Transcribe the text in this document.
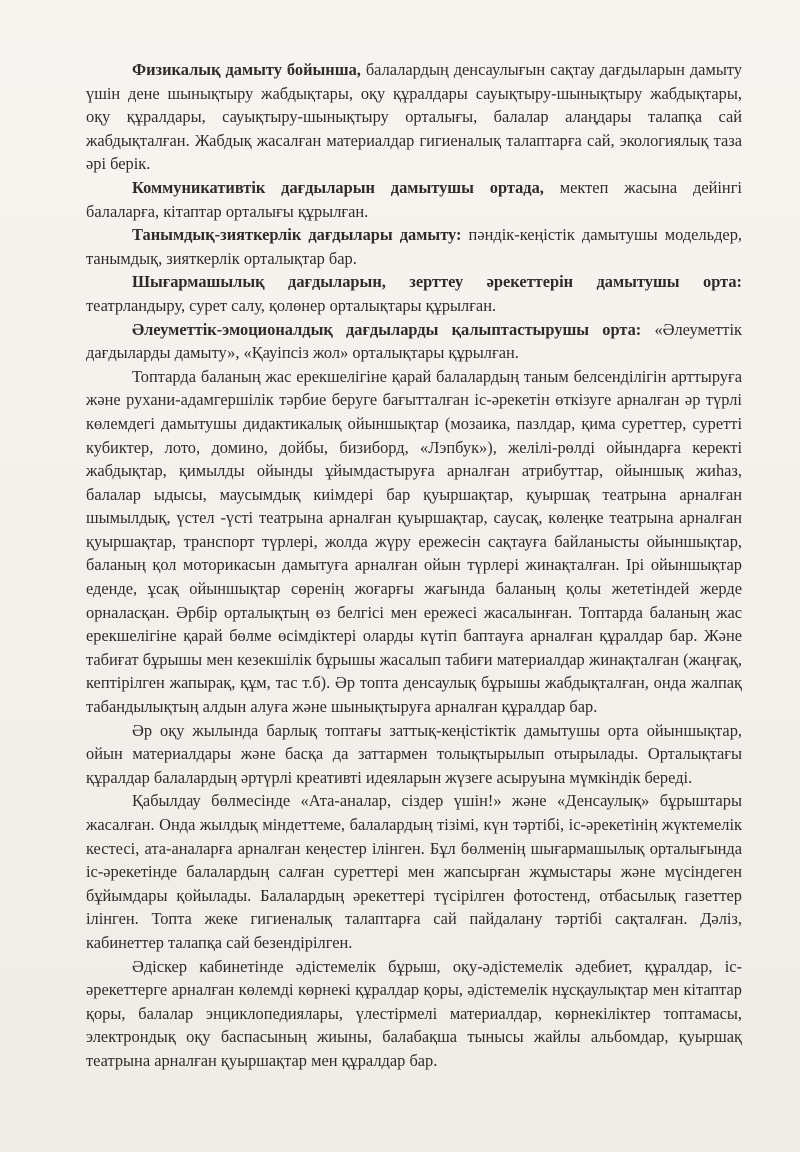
Физикалық дамыту бойынша, балалардың денсаулығын сақтау дағдыларын дамыту үшін дене шынықтыру жабдықтары, оқу құралдары сауықтыру-шынықтыру жабдықтары, оқу құралдары, сауықтыру-шынықтыру орталығы, балалар алаңдары талапқа сай жабдықталған. Жабдық жасалған материалдар гигиеналық талаптарға сай, экологиялық таза әрі берік.

Коммуникативтік дағдыларын дамытушы ортада, мектеп жасына дейінгі балаларға, кітаптар орталығы құрылған.

Танымдық-зияткерлік дағдылары дамыту: пәндік-кеңістік дамытушы модельдер, танымдық, зияткерлік орталықтар бар.

Шығармашылық дағдыларын, зерттеу әрекеттерін дамытушы орта: театрландыру, сурет салу, қолөнер орталықтары құрылған.

Әлеуметтік-эмоционалдық дағдыларды қалыптастырушы орта: «Әлеуметтік дағдыларды дамыту», «Қауіпсіз жол» орталықтары құрылған.

Топтарда баланың жас ерекшелігіне қарай балалардың таным белсенділігін арттыруға және рухани-адамгершілік тәрбие беруге бағытталған іс-әрекетін өткізуге арналған әр түрлі көлемдегі дамытушы дидактикалық ойыншықтар (мозаика, пазлдар, қима суреттер, суретті кубиктер, лото, домино, дойбы, бизиборд, «Лэпбук»), желілі-рөлді ойындарға керекті жабдықтар, қимылды ойынды ұйымдастыруға арналған атрибуттар, ойыншық жиһаз, балалар ыдысы, маусымдық киімдері бар қуыршақтар, қуыршақ театрына арналған шымылдық, үстел -үсті театрына арналған қуыршақтар, саусақ, көлеңке театрына арналған қуыршақтар, транспорт түрлері, жолда жүру ережесін сақтауға байланысты ойыншықтар, баланың қол моторикасын дамытуға арналған ойын түрлері жинақталған. Ірі ойыншықтар еденде, ұсақ ойыншықтар сөренің жоғарғы жағында баланың қолы жететіндей жерде орналасқан. Әрбір орталықтың өз белгісі мен ережесі жасалынған. Топтарда баланың жас ерекшелігіне қарай бөлме өсімдіктері оларды күтіп баптауға арналған құралдар бар. Және табиғат бұрышы мен кезекшілік бұрышы жасалып табиғи материалдар жинақталған (жаңғақ, кептірілген жапырақ, құм, тас т.б). Әр топта денсаулық бұрышы жабдықталған, онда жалпақ табандылықтың алдын алуға және шынықтыруға арналған құралдар бар.

Әр оқу жылында барлық топтағы заттық-кеңістіктік дамытушы орта ойыншықтар, ойын материалдары және басқа да заттармен толықтырылып отырылады. Орталықтағы құралдар балалардың әртүрлі креативті идеяларын жүзеге асыруына мүмкіндік береді.

Қабылдау бөлмесінде «Ата-аналар, сіздер үшін!» және «Денсаулық» бұрыштары жасалған. Онда жылдық міндеттеме, балалардың тізімі, күн тәртібі, іс-әрекетінің жүктемелік кестесі, ата-аналарға арналған кеңестер ілінген. Бұл бөлменің шығармашылық орталығында іс-әрекетінде балалардың салған суреттері мен жапсырған жұмыстары және мүсіндеген бұйымдары қойылады. Балалардың әрекеттері түсірілген фотостенд, отбасылық газеттер ілінген. Топта жеке гигиеналық талаптарға сай пайдалану тәртібі сақталған. Дәліз, кабинеттер талапқа сай безендірілген.

Әдіскер кабинетінде әдістемелік бұрыш, оқу-әдістемелік әдебиет, құралдар, іс-әрекеттерге арналған көлемді көрнекі құралдар қоры, әдістемелік нұсқаулықтар мен кітаптар қоры, балалар энциклопедиялары, үлестірмелі материалдар, көрнекіліктер топтамасы, электрондық оқу баспасының жиыны, балабақша тынысы жайлы альбомдар, қуыршақ театрына арналған қуыршақтар мен құралдар бар.
